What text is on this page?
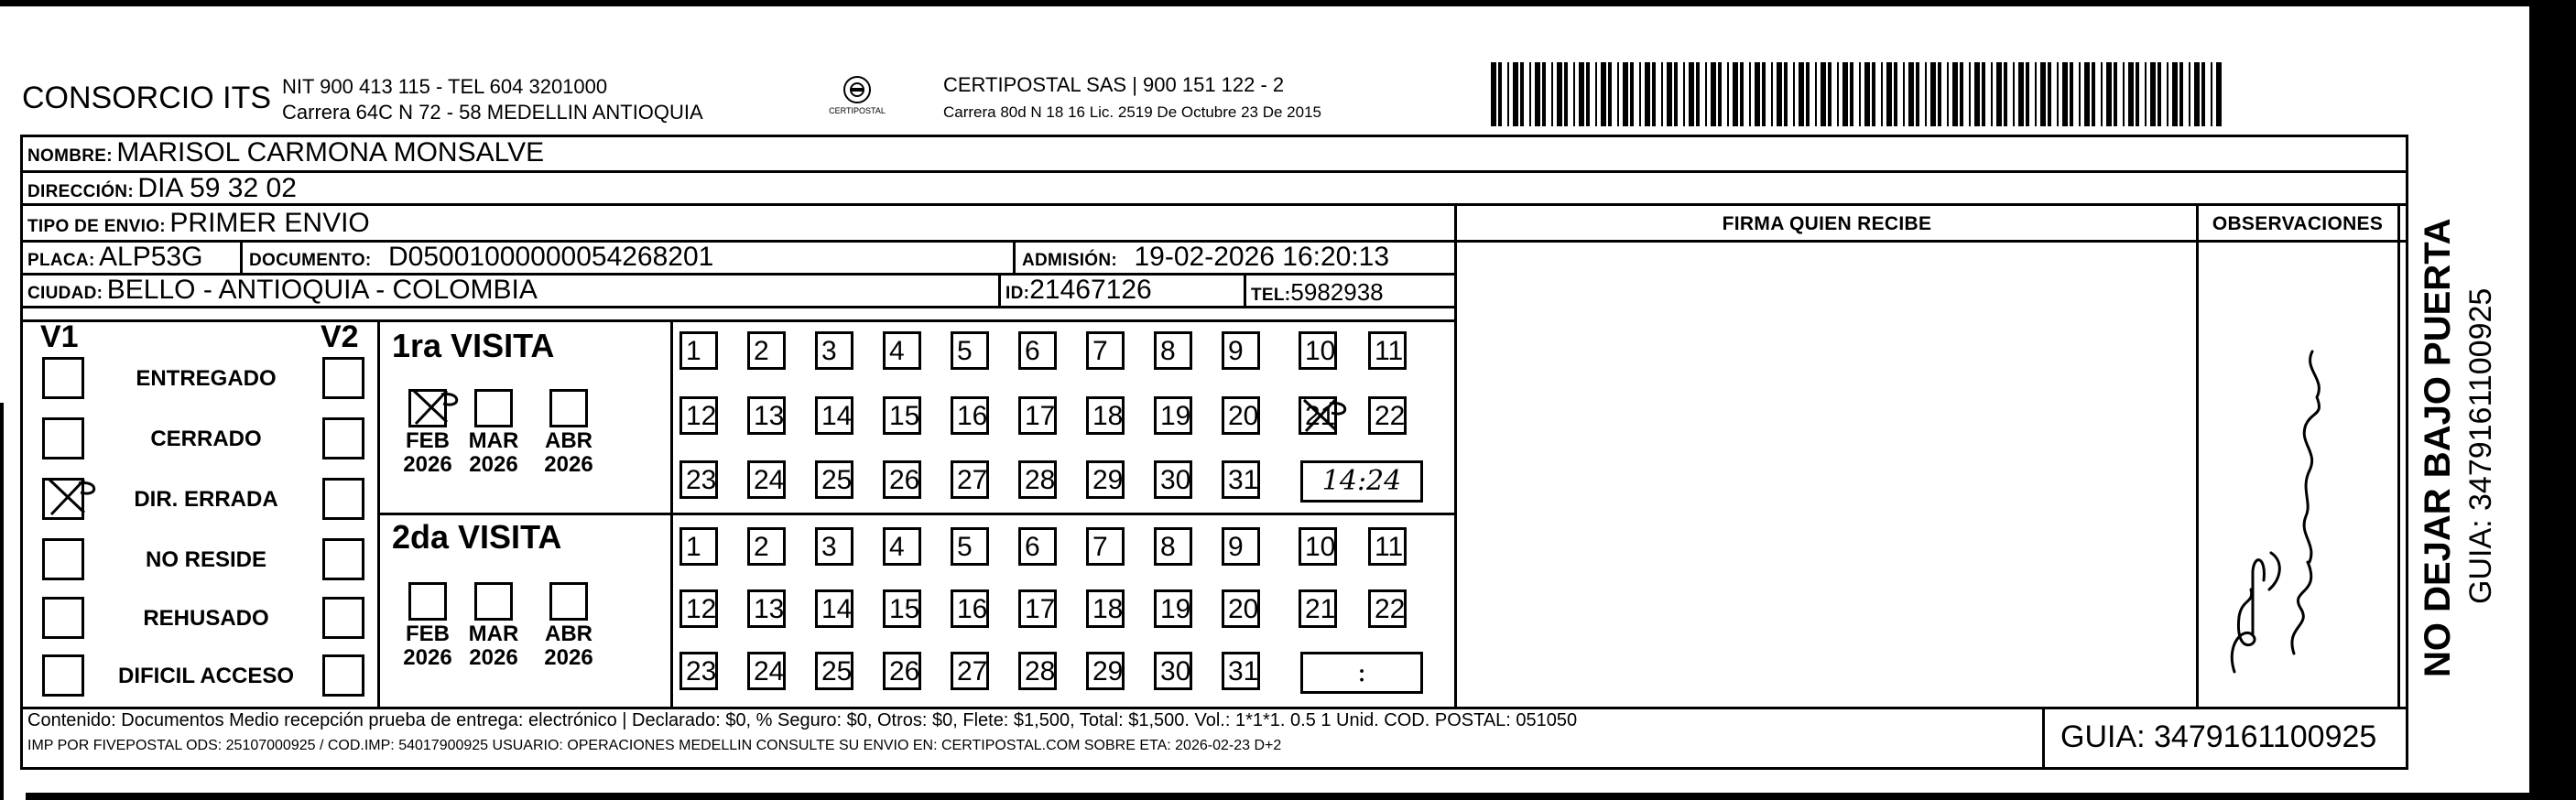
CONSORCIO ITS NIT 900 413 115 - TEL 604 3201000
Carrera 64C N 72 - 58 MEDELLIN ANTIOQUIA	CERTIPOSTAL
CERTIPOSTAL SAS | 900 151 122 - 2
Carrera 80d N 18 16 Lic. 2519 De Octubre 23 De 2015
NOMBRE: MARISOL CARMONA MONSALVE
DIRECCIÓN: DIA 59 32 02
TIPO DE ENVIO: PRIMER ENVIO
PLACA: ALP53G	DOCUMENTO: D05001000000054268201	ADMISIÓN: 19-02-2026 16:20:13
CIUDAD: BELLO - ANTIOQUIA - COLOMBIA	ID:21467126	TEL:5982938
FIRMA QUIEN RECIBE	OBSERVACIONES
V1	V2
ENTREGADO
CERRADO
DIR. ERRADA
NO RESIDE
REHUSADO
DIFICIL ACCESO
1ra VISITA
2da VISITA
FEB
2026
MAR
2026
ABR
2026
FEB
2026
MAR
2026
ABR
2026
1	2	3	4	5	6	7	8	9	10 11
12 13 14 15 16 17 18 19 20 21 22
23 24 25 26 27 28 29 30 31	14:24
1	2	3	4	5	6	7	8	9	10 11
12 13 14 15 16 17 18 19 20 21 22
23 24 25 26 27 28 29 30 31	:
Contenido: Documentos Medio recepción prueba de entrega: electrónico | Declarado: $0, % Seguro: $0, Otros: $0, Flete: $1,500, Total: $1,500. Vol.: 1*1*1. 0.5 1 Unid. COD. POSTAL: 051050
IMP POR FIVEPOSTAL ODS: 25107000925 / COD.IMP: 54017900925 USUARIO: OPERACIONES MEDELLIN CONSULTE SU ENVIO EN: CERTIPOSTAL.COM SOBRE ETA: 2026-02-23 D+2	GUIA: 3479161100925
NO DEJAR BAJO PUERTA GUIA: 3479161100925
